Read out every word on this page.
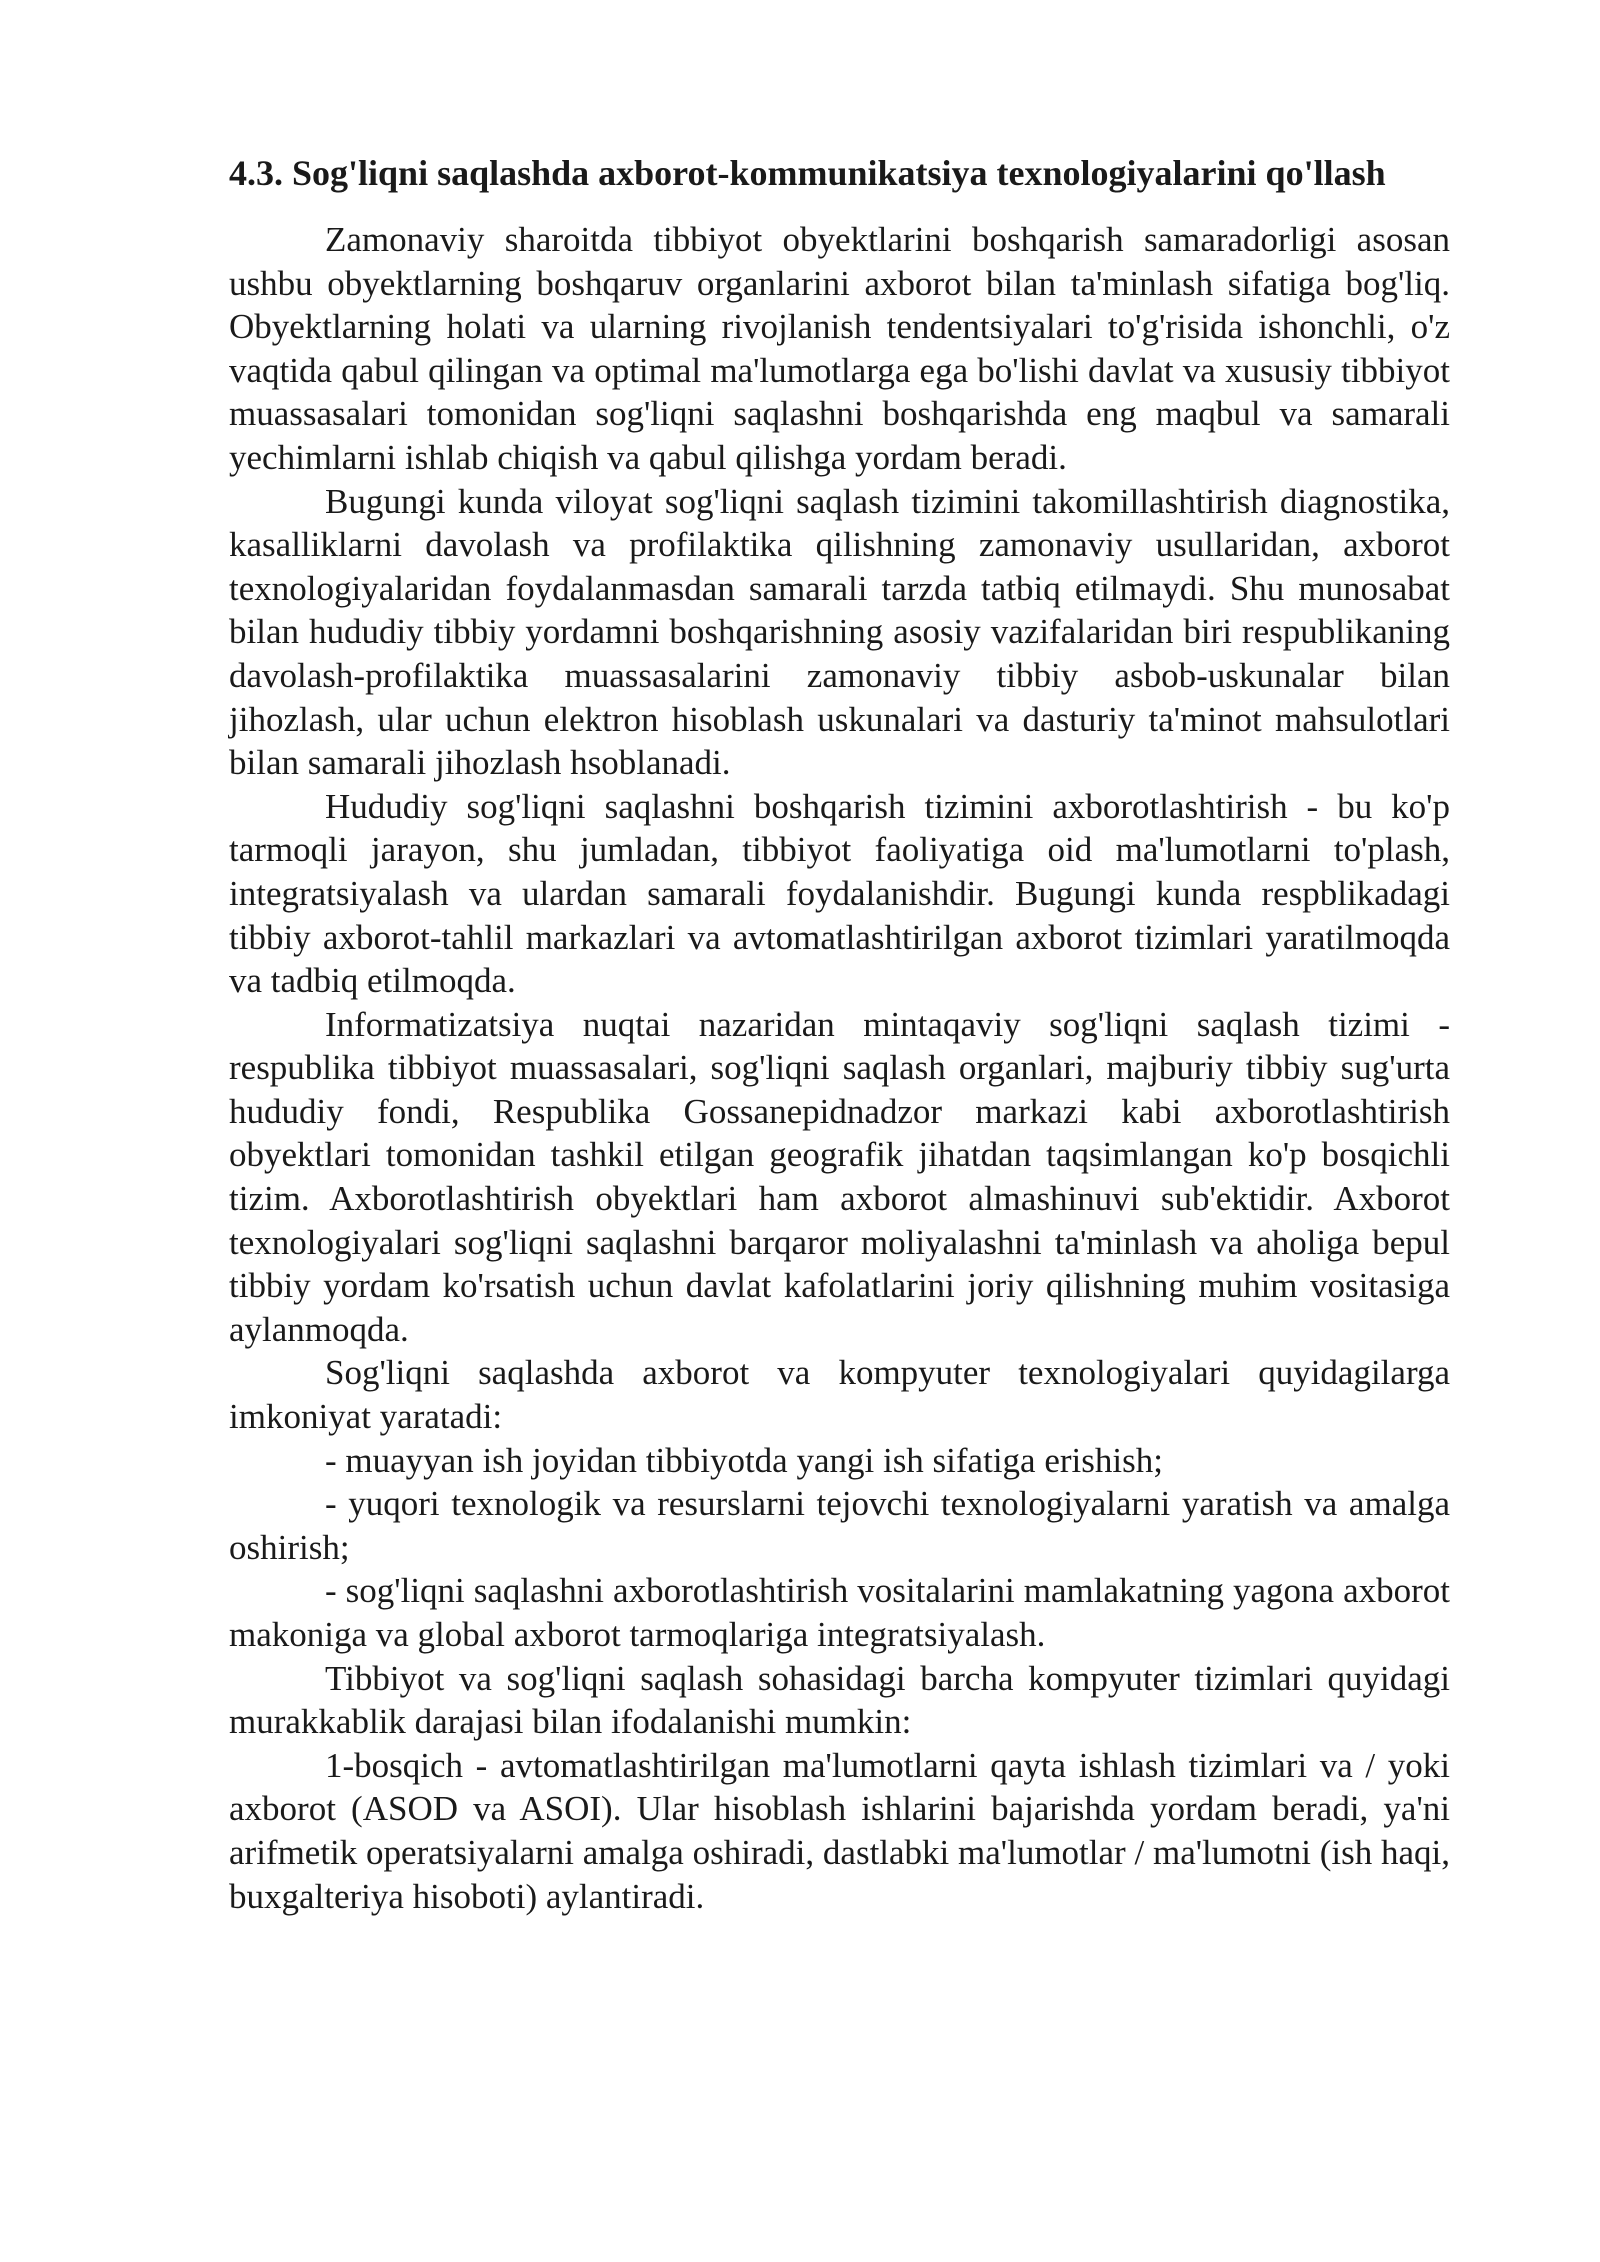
4.3. Sog'liqni saqlashda axborot-kommunikatsiya texnologiyalarini qo'llash

Zamonaviy sharoitda tibbiyot obyektlarini boshqarish samaradorligi asosan ushbu obyektlarning boshqaruv organlarini axborot bilan ta'minlash sifatiga bog'liq. Obyektlarning holati va ularning rivojlanish tendentsiyalari to'g'risida ishonchli, o'z vaqtida qabul qilingan va optimal ma'lumotlarga ega bo'lishi davlat va xususiy tibbiyot muassasalari tomonidan sog'liqni saqlashni boshqarishda eng maqbul va samarali yechimlarni ishlab chiqish va qabul qilishga yordam beradi.

Bugungi kunda viloyat sog'liqni saqlash tizimini takomillashtirish diagnostika, kasalliklarni davolash va profilaktika qilishning zamonaviy usullaridan, axborot texnologiyalaridan foydalanmasdan samarali tarzda tatbiq etilmaydi. Shu munosabat bilan hududiy tibbiy yordamni boshqarishning asosiy vazifalaridan biri respublikaning davolash-profilaktika muassasalarini zamonaviy tibbiy asbob-uskunalar bilan jihozlash, ular uchun elektron hisoblash uskunalari va dasturiy ta'minot mahsulotlari bilan samarali jihozlash hsoblanadi.

Hududiy sog'liqni saqlashni boshqarish tizimini axborotlashtirish - bu ko'p tarmoqli jarayon, shu jumladan, tibbiyot faoliyatiga oid ma'lumotlarni to'plash, integratsiyalash va ulardan samarali foydalanishdir. Bugungi kunda respblikadagi tibbiy axborot-tahlil markazlari va avtomatlashtirilgan axborot tizimlari yaratilmoqda va tadbiq etilmoqda.

Informatizatsiya nuqtai nazaridan mintaqaviy sog'liqni saqlash tizimi - respublika tibbiyot muassasalari, sog'liqni saqlash organlari, majburiy tibbiy sug'urta hududiy fondi, Respublika Gossanepidnadzor markazi kabi axborotlashtirish obyektlari tomonidan tashkil etilgan geografik jihatdan taqsimlangan ko'p bosqichli tizim. Axborotlashtirish obyektlari ham axborot almashinuvi sub'ektidir. Axborot texnologiyalari sog'liqni saqlashni barqaror moliyalashni ta'minlash va aholiga bepul tibbiy yordam ko'rsatish uchun davlat kafolatlarini joriy qilishning muhim vositasiga aylanmoqda.

Sog'liqni saqlashda axborot va kompyuter texnologiyalari quyidagilarga imkoniyat yaratadi:

- muayyan ish joyidan tibbiyotda yangi ish sifatiga erishish;

- yuqori texnologik va resurslarni tejovchi texnologiyalarni yaratish va amalga oshirish;

- sog'liqni saqlashni axborotlashtirish vositalarini mamlakatning yagona axborot makoniga va global axborot tarmoqlariga integratsiyalash.

Tibbiyot va sog'liqni saqlash sohasidagi barcha kompyuter tizimlari quyidagi murakkablik darajasi bilan ifodalanishi mumkin:

1-bosqich - avtomatlashtirilgan ma'lumotlarni qayta ishlash tizimlari va / yoki axborot (ASOD va ASOI). Ular hisoblash ishlarini bajarishda yordam beradi, ya'ni arifmetik operatsiyalarni amalga oshiradi, dastlabki ma'lumotlar / ma'lumotni (ish haqi, buxgalteriya hisoboti) aylantiradi.
